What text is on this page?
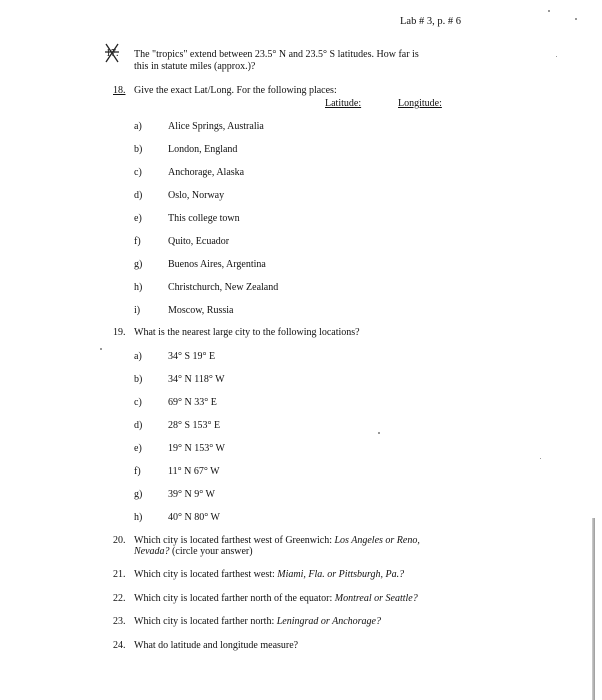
Lab # 3, p. # 6
17. The "tropics" extend between 23.5° N and 23.5° S latitudes. How far is
this in statute miles (approx.)?
18. Give the exact Lat/Long. For the following places:
Latitude:	Longitude:
a)	Alice Springs, Australia
b)	London, England
c)	Anchorage, Alaska
d)	Oslo, Norway
e)	This college town
f)	Quito, Ecuador
g)	Buenos Aires, Argentina
h)	Christchurch, New Zealand
i)	Moscow, Russia
19. What is the nearest large city to the following locations?
a)	34° S 19° E
b)	34° N 118° W
c)	69° N 33° E
d)	28° S 153° E
e)	19° N 153° W
f)	11° N 67° W
g)	39° N 9° W
h)	40° N 80° W
20. Which city is located farthest west of Greenwich: Los Angeles or Reno,
Nevada? (circle your answer)
21. Which city is located farthest west: Miami, Fla. or Pittsburgh, Pa.?
22. Which city is located farther north of the equator: Montreal or Seattle?
23. Which city is located farther north: Leningrad or Anchorage?
24. What do latitude and longitude measure?
